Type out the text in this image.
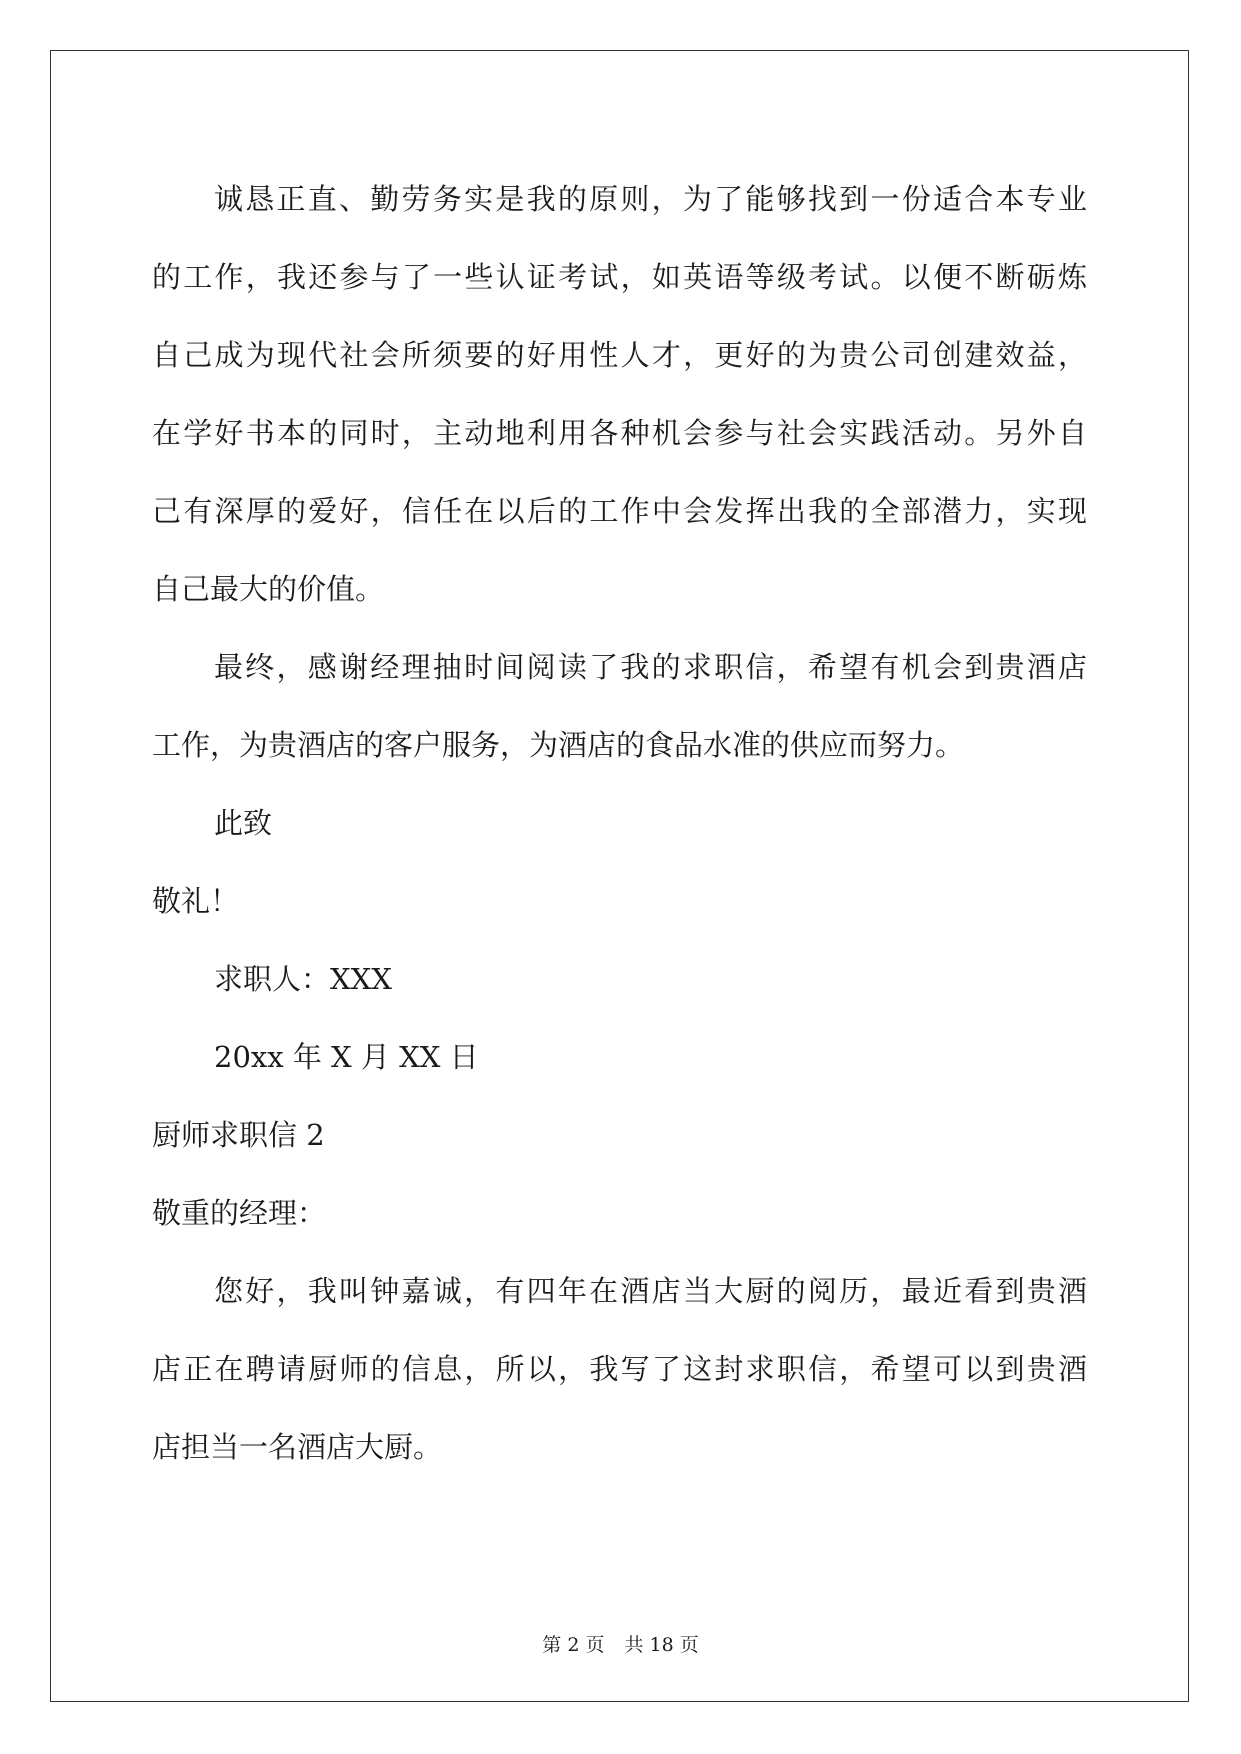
诚恳正直、勤劳务实是我的原则，为了能够找到一份适合本专业

的工作，我还参与了一些认证考试，如英语等级考试。以便不断砺炼

自己成为现代社会所须要的好用性人才，更好的为贵公司创建效益，

在学好书本的同时，主动地利用各种机会参与社会实践活动。另外自

己有深厚的爱好，信任在以后的工作中会发挥出我的全部潜力，实现

自己最大的价值。

最终，感谢经理抽时间阅读了我的求职信，希望有机会到贵酒店

工作，为贵酒店的客户服务，为酒店的食品水准的供应而努力。

此致

敬礼！

求职人：XXX

20xx 年 X 月 XX 日

厨师求职信 2

敬重的经理：

您好，我叫钟嘉诚，有四年在酒店当大厨的阅历，最近看到贵酒

店正在聘请厨师的信息，所以，我写了这封求职信，希望可以到贵酒

店担当一名酒店大厨。

第 2 页 共 18 页
